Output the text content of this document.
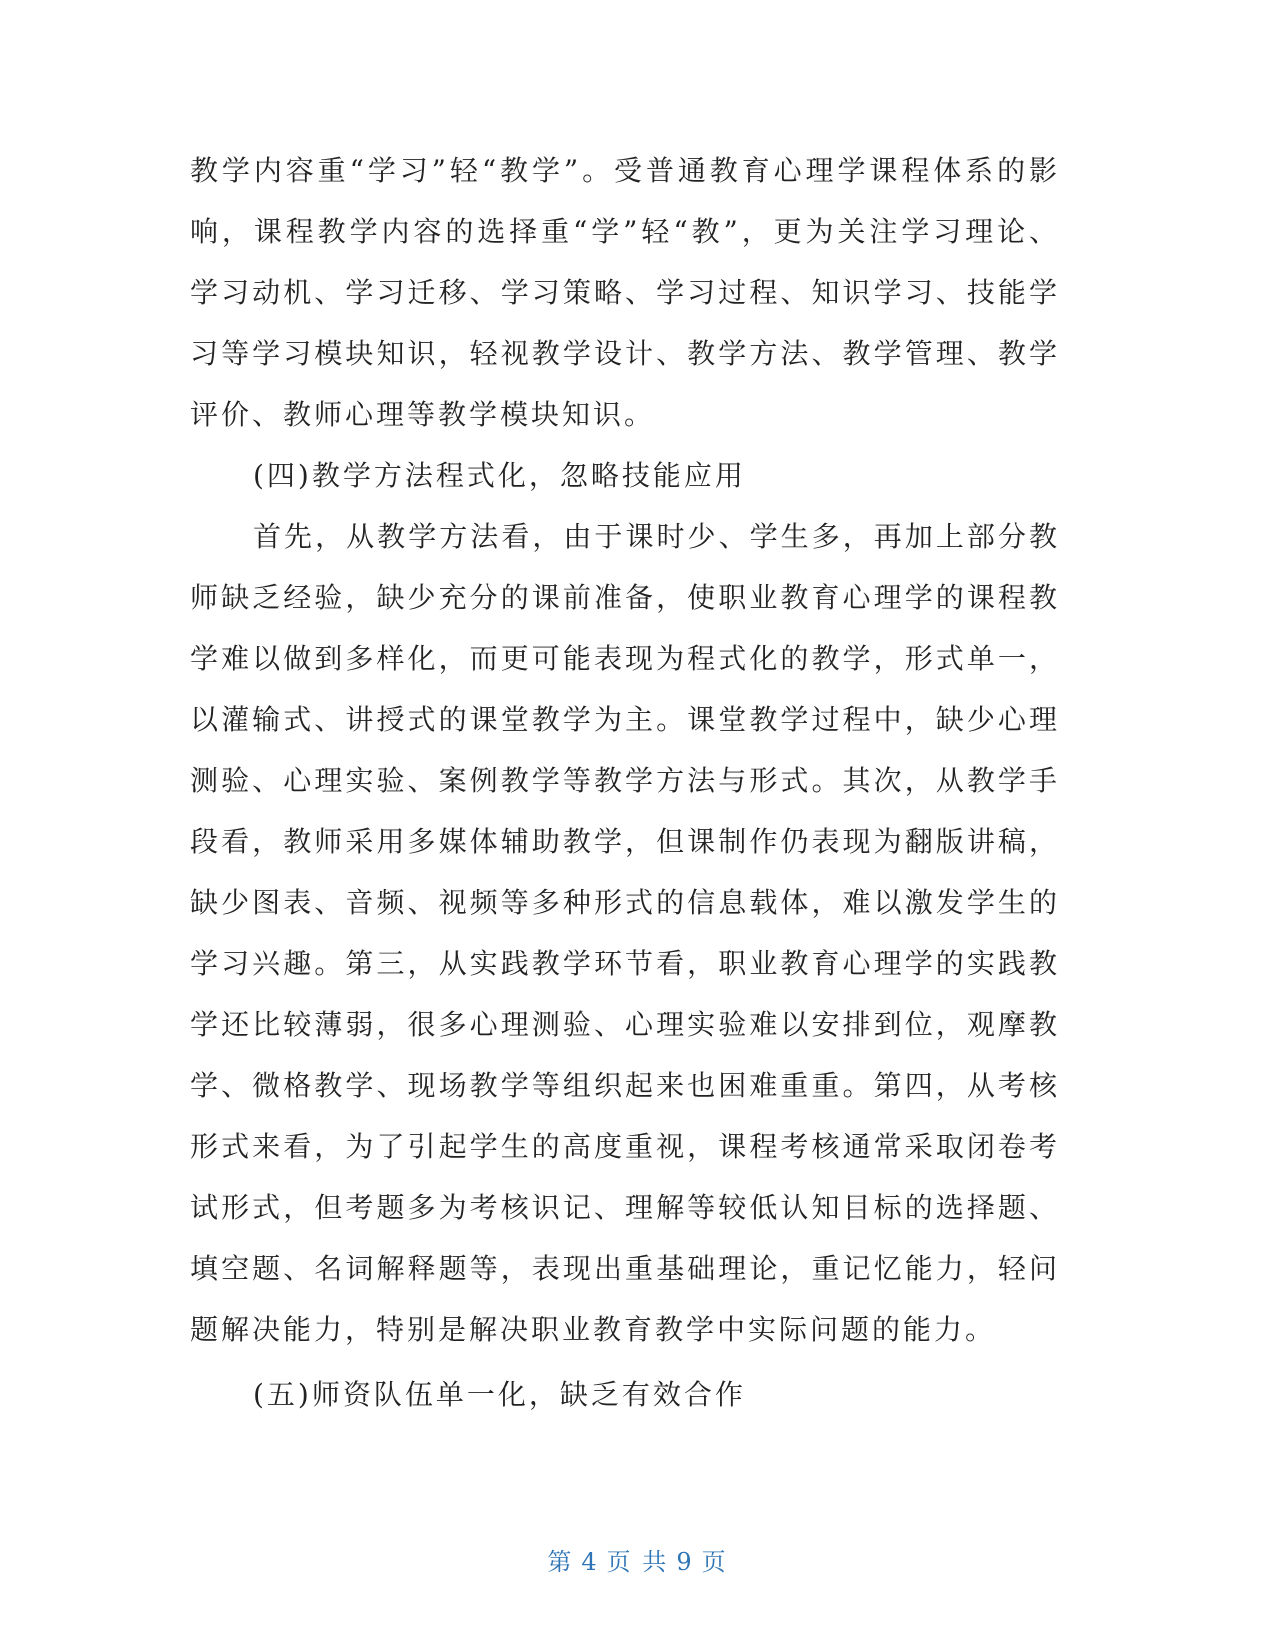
教学内容重“学习”轻“教学”。受普通教育心理学课程体系的影响，课程教学内容的选择重“学”轻“教”，更为关注学习理论、学习动机、学习迁移、学习策略、学习过程、知识学习、技能学习等学习模块知识，轻视教学设计、教学方法、教学管理、教学评价、教师心理等教学模块知识。

(四)教学方法程式化，忽略技能应用

首先，从教学方法看，由于课时少、学生多，再加上部分教师缺乏经验，缺少充分的课前准备，使职业教育心理学的课程教学难以做到多样化，而更可能表现为程式化的教学，形式单一，以灌输式、讲授式的课堂教学为主。课堂教学过程中，缺少心理测验、心理实验、案例教学等教学方法与形式。其次，从教学手段看，教师采用多媒体辅助教学，但课制作仍表现为翻版讲稿，缺少图表、音频、视频等多种形式的信息载体，难以激发学生的学习兴趣。第三，从实践教学环节看，职业教育心理学的实践教学还比较薄弱，很多心理测验、心理实验难以安排到位，观摩教学、微格教学、现场教学等组织起来也困难重重。第四，从考核形式来看，为了引起学生的高度重视，课程考核通常采取闭卷考试形式，但考题多为考核识记、理解等较低认知目标的选择题、填空题、名词解释题等，表现出重基础理论，重记忆能力，轻问题解决能力，特别是解决职业教育教学中实际问题的能力。

(五)师资队伍单一化，缺乏有效合作

第 4 页 共 9 页
